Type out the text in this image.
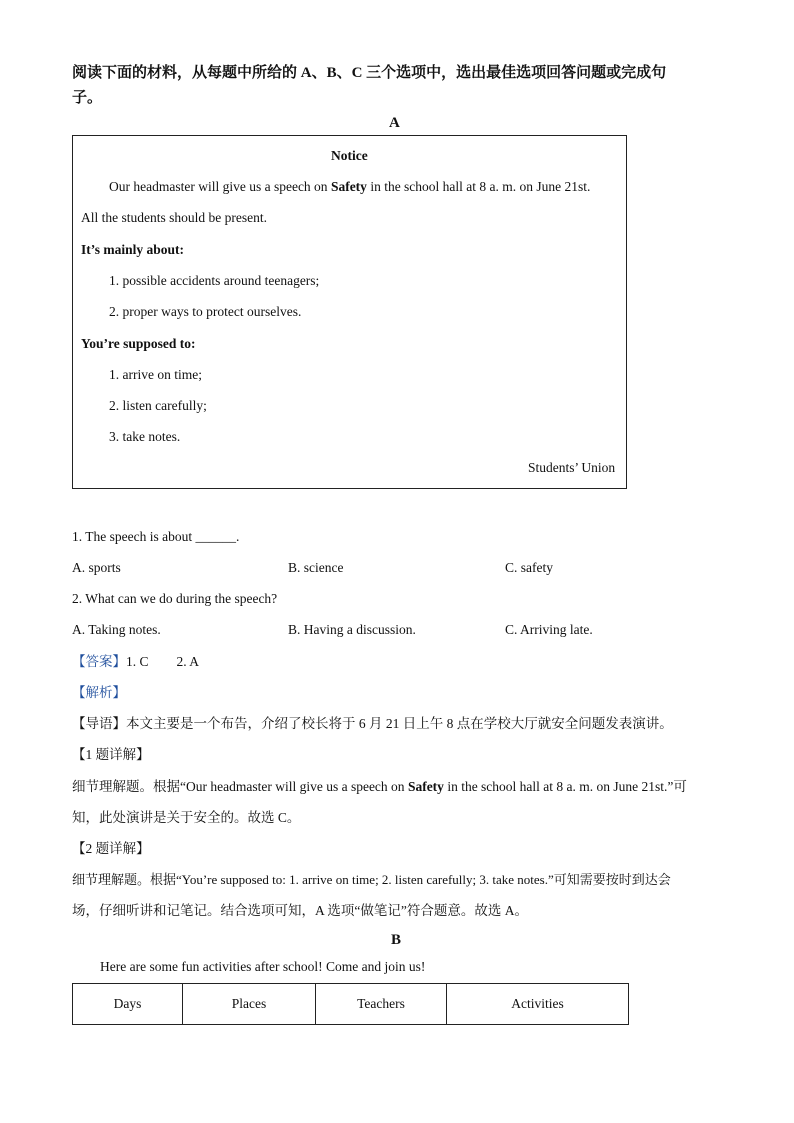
阅读下面的材料，从每题中所给的 A、B、C 三个选项中，选出最佳选项回答问题或完成句
子。
A
Notice
Our headmaster will give us a speech on Safety in the school hall at 8 a. m. on June 21st.
All the students should be present.
It’s mainly about:
1. possible accidents around teenagers;
2. proper ways to protect ourselves.
You’re supposed to:
1. arrive on time;
2. listen carefully;
3. take notes.
Students’ Union
1. The speech is about ______.
A. sports	B. science	C. safety
2. What can we do during the speech?
A. Taking notes.	B. Having a discussion.	C. Arriving late.
【答案】1. C 2. A
【解析】
【导语】本文主要是一个布告，介绍了校长将于 6 月 21 日上午 8 点在学校大厅就安全问题发表演讲。
【1 题详解】
细节理解题。根据“Our headmaster will give us a speech on Safety in the school hall at 8 a. m. on June 21st.”可
知，此处演讲是关于安全的。故选 C。
【2 题详解】
细节理解题。根据“You’re supposed to: 1. arrive on time; 2. listen carefully; 3. take notes.”可知需要按时到达会
场，仔细听讲和记笔记。结合选项可知，A 选项“做笔记”符合题意。故选 A。
B
Here are some fun activities after school! Come and join us!
Days	Places	Teachers	Activities
